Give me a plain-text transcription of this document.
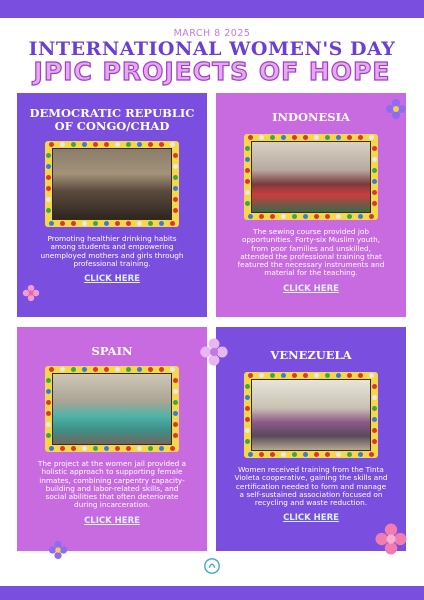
MARCH 8 2025
INTERNATIONAL WOMEN'S DAY
JPIC PROJECTS OF HOPE
DEMOCRATIC REPUBLIC OF CONGO/CHAD

Promoting healthier drinking habits among students and empowering unemployed mothers and girls through professional training.

CLICK HERE
INDONESIA

The sewing course provided job opportunities. Forty-six Muslim youth, from poor families and unskilled, attended the professional training that featured the necessary instruments and material for the teaching.

CLICK HERE
SPAIN

The project at the women jail provided a holistic approach to supporting female inmates, combining carpentry capacity-building and labor-related skills, and social abilities that often deteriorate during incarceration.

CLICK HERE
VENEZUELA

Women received training from the Tinta Violeta cooperative, gaining the skills and certification needed to form and manage a self-sustained association focused on recycling and waste reduction.

CLICK HERE
